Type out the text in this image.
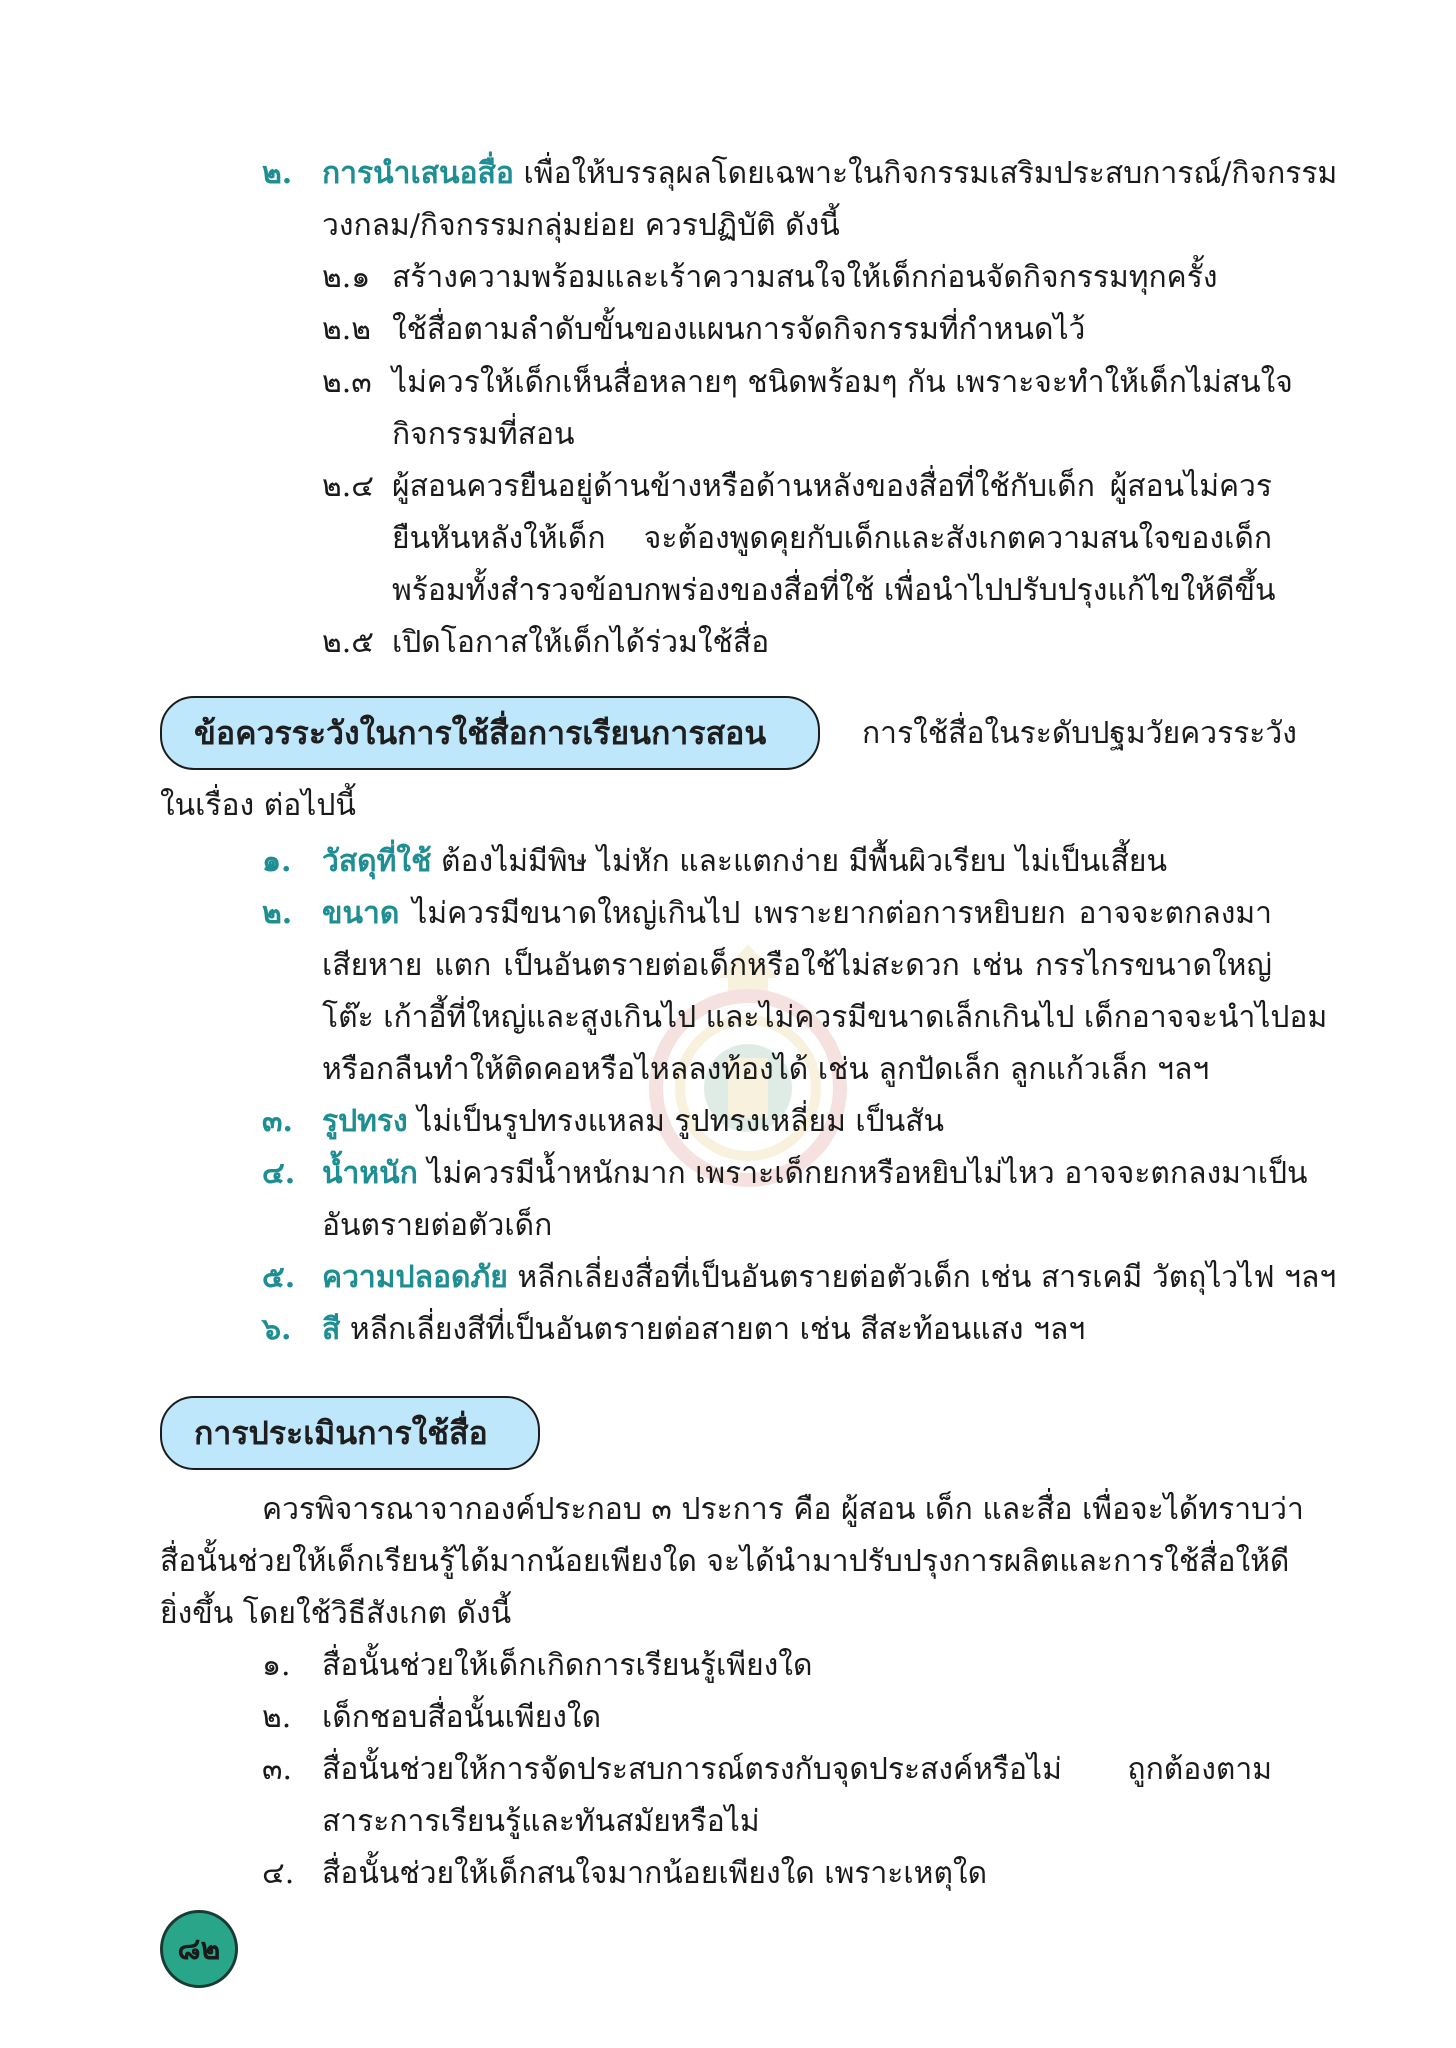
๒. การนำเสนอสื่อ เพื่อให้บรรลุผลโดยเฉพาะในกิจกรรมเสริมประสบการณ์/กิจกรรม
วงกลม/กิจกรรมกลุ่มย่อย ควรปฏิบัติ ดังนี้
๒.๑ สร้างความพร้อมและเร้าความสนใจให้เด็กก่อนจัดกิจกรรมทุกครั้ง
๒.๒ ใช้สื่อตามลำดับขั้นของแผนการจัดกิจกรรมที่กำหนดไว้
๒.๓ ไม่ควรให้เด็กเห็นสื่อหลายๆ ชนิดพร้อมๆ กัน เพราะจะทำให้เด็กไม่สนใจ
กิจกรรมที่สอน
๒.๔ ผู้สอนควรยืนอยู่ด้านข้างหรือด้านหลังของสื่อที่ใช้กับเด็ก ผู้สอนไม่ควร
ยืนหันหลังให้เด็ก จะต้องพูดคุยกับเด็กและสังเกตความสนใจของเด็ก
พร้อมทั้งสำรวจข้อบกพร่องของสื่อที่ใช้ เพื่อนำไปปรับปรุงแก้ไขให้ดีขึ้น
๒.๕ เปิดโอกาสให้เด็กได้ร่วมใช้สื่อ
ข้อควรระวังในการใช้สื่อการเรียนการสอน	การใช้สื่อในระดับปฐมวัยควรระวัง
ในเรื่อง ต่อไปนี้
๑. วัสดุที่ใช้ ต้องไม่มีพิษ ไม่หัก และแตกง่าย มีพื้นผิวเรียบ ไม่เป็นเสี้ยน
๒. ขนาด ไม่ควรมีขนาดใหญ่เกินไป เพราะยากต่อการหยิบยก อาจจะตกลงมา
เสียหาย แตก เป็นอันตรายต่อเด็กหรือใช้ไม่สะดวก เช่น กรรไกรขนาดใหญ่
โต๊ะ เก้าอี้ที่ใหญ่และสูงเกินไป และไม่ควรมีขนาดเล็กเกินไป เด็กอาจจะนำไปอม
หรือกลืนทำให้ติดคอหรือไหลลงท้องได้ เช่น ลูกปัดเล็ก ลูกแก้วเล็ก ฯลฯ
๓. รูปทรง ไม่เป็นรูปทรงแหลม รูปทรงเหลี่ยม เป็นสัน
๔. น้ำหนัก ไม่ควรมีน้ำหนักมาก เพราะเด็กยกหรือหยิบไม่ไหว อาจจะตกลงมาเป็น
อันตรายต่อตัวเด็ก
๕. ความปลอดภัย หลีกเลี่ยงสื่อที่เป็นอันตรายต่อตัวเด็ก เช่น สารเคมี วัตถุไวไฟ ฯลฯ
๖. สี หลีกเลี่ยงสีที่เป็นอันตรายต่อสายตา เช่น สีสะท้อนแสง ฯลฯ
การประเมินการใช้สื่อ
ควรพิจารณาจากองค์ประกอบ ๓ ประการ คือ ผู้สอน เด็ก และสื่อ เพื่อจะได้ทราบว่า
สื่อนั้นช่วยให้เด็กเรียนรู้ได้มากน้อยเพียงใด จะได้นำมาปรับปรุงการผลิตและการใช้สื่อให้ดี
ยิ่งขึ้น โดยใช้วิธีสังเกต ดังนี้
๑. สื่อนั้นช่วยให้เด็กเกิดการเรียนรู้เพียงใด
๒. เด็กชอบสื่อนั้นเพียงใด
๓. สื่อนั้นช่วยให้การจัดประสบการณ์ตรงกับจุดประสงค์หรือไม่ ถูกต้องตาม
สาระการเรียนรู้และทันสมัยหรือไม่
๔. สื่อนั้นช่วยให้เด็กสนใจมากน้อยเพียงใด เพราะเหตุใด
๘๒
